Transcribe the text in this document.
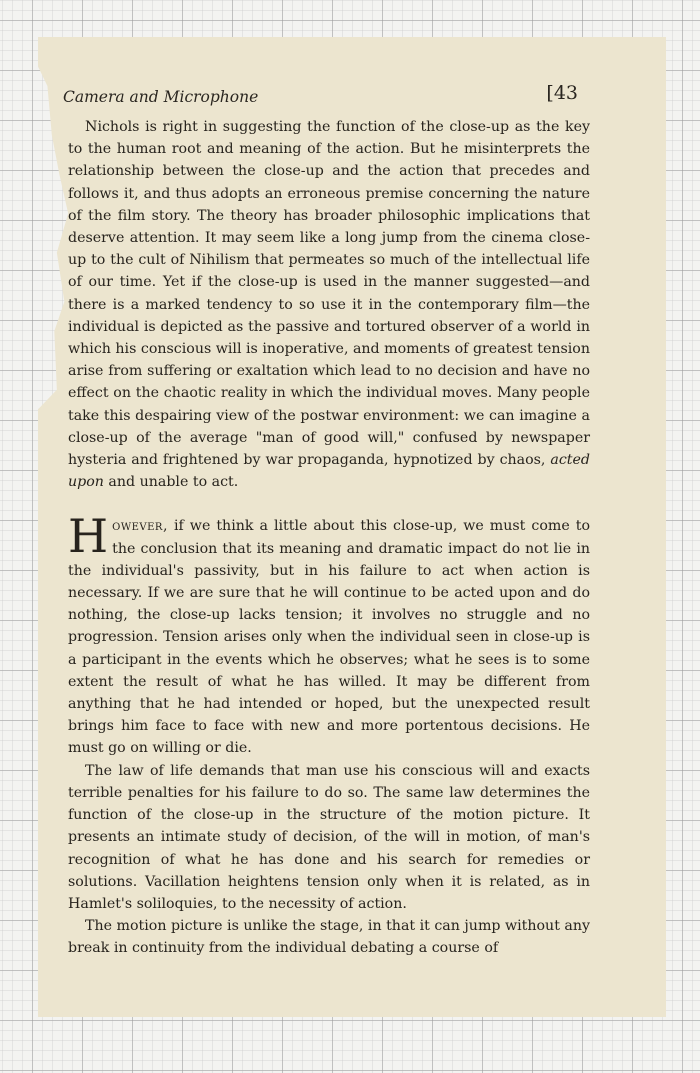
Camera and Microphone	[43

Nichols is right in suggesting the function of the close-up as the key to the human root and meaning of the action. But he misinterprets the relationship between the close-up and the action that precedes and follows it, and thus adopts an erroneous premise concerning the nature of the film story. The theory has broader philosophic implications that deserve attention. It may seem like a long jump from the cinema close-up to the cult of Nihilism that permeates so much of the intellectual life of our time. Yet if the close-up is used in the manner suggested—and there is a marked tendency to so use it in the contemporary film—the individual is depicted as the passive and tortured observer of a world in which his conscious will is inoperative, and moments of greatest tension arise from suffering or exaltation which lead to no decision and have no effect on the chaotic reality in which the individual moves. Many people take this despairing view of the postwar environment: we can imagine a close-up of the average "man of good will," confused by newspaper hysteria and frightened by war propaganda, hypnotized by chaos, acted upon and unable to act.

However, if we think a little about this close-up, we must come to the conclusion that its meaning and dramatic impact do not lie in the individual's passivity, but in his failure to act when action is necessary. If we are sure that he will continue to be acted upon and do nothing, the close-up lacks tension; it involves no struggle and no progression. Tension arises only when the individual seen in close-up is a participant in the events which he observes; what he sees is to some extent the result of what he has willed. It may be different from anything that he had intended or hoped, but the unexpected result brings him face to face with new and more portentous decisions. He must go on willing or die.

The law of life demands that man use his conscious will and exacts terrible penalties for his failure to do so. The same law determines the function of the close-up in the structure of the motion picture. It presents an intimate study of decision, of the will in motion, of man's recognition of what he has done and his search for remedies or solutions. Vacillation heightens tension only when it is related, as in Hamlet's soliloquies, to the necessity of action.

The motion picture is unlike the stage, in that it can jump without any break in continuity from the individual debating a course of
